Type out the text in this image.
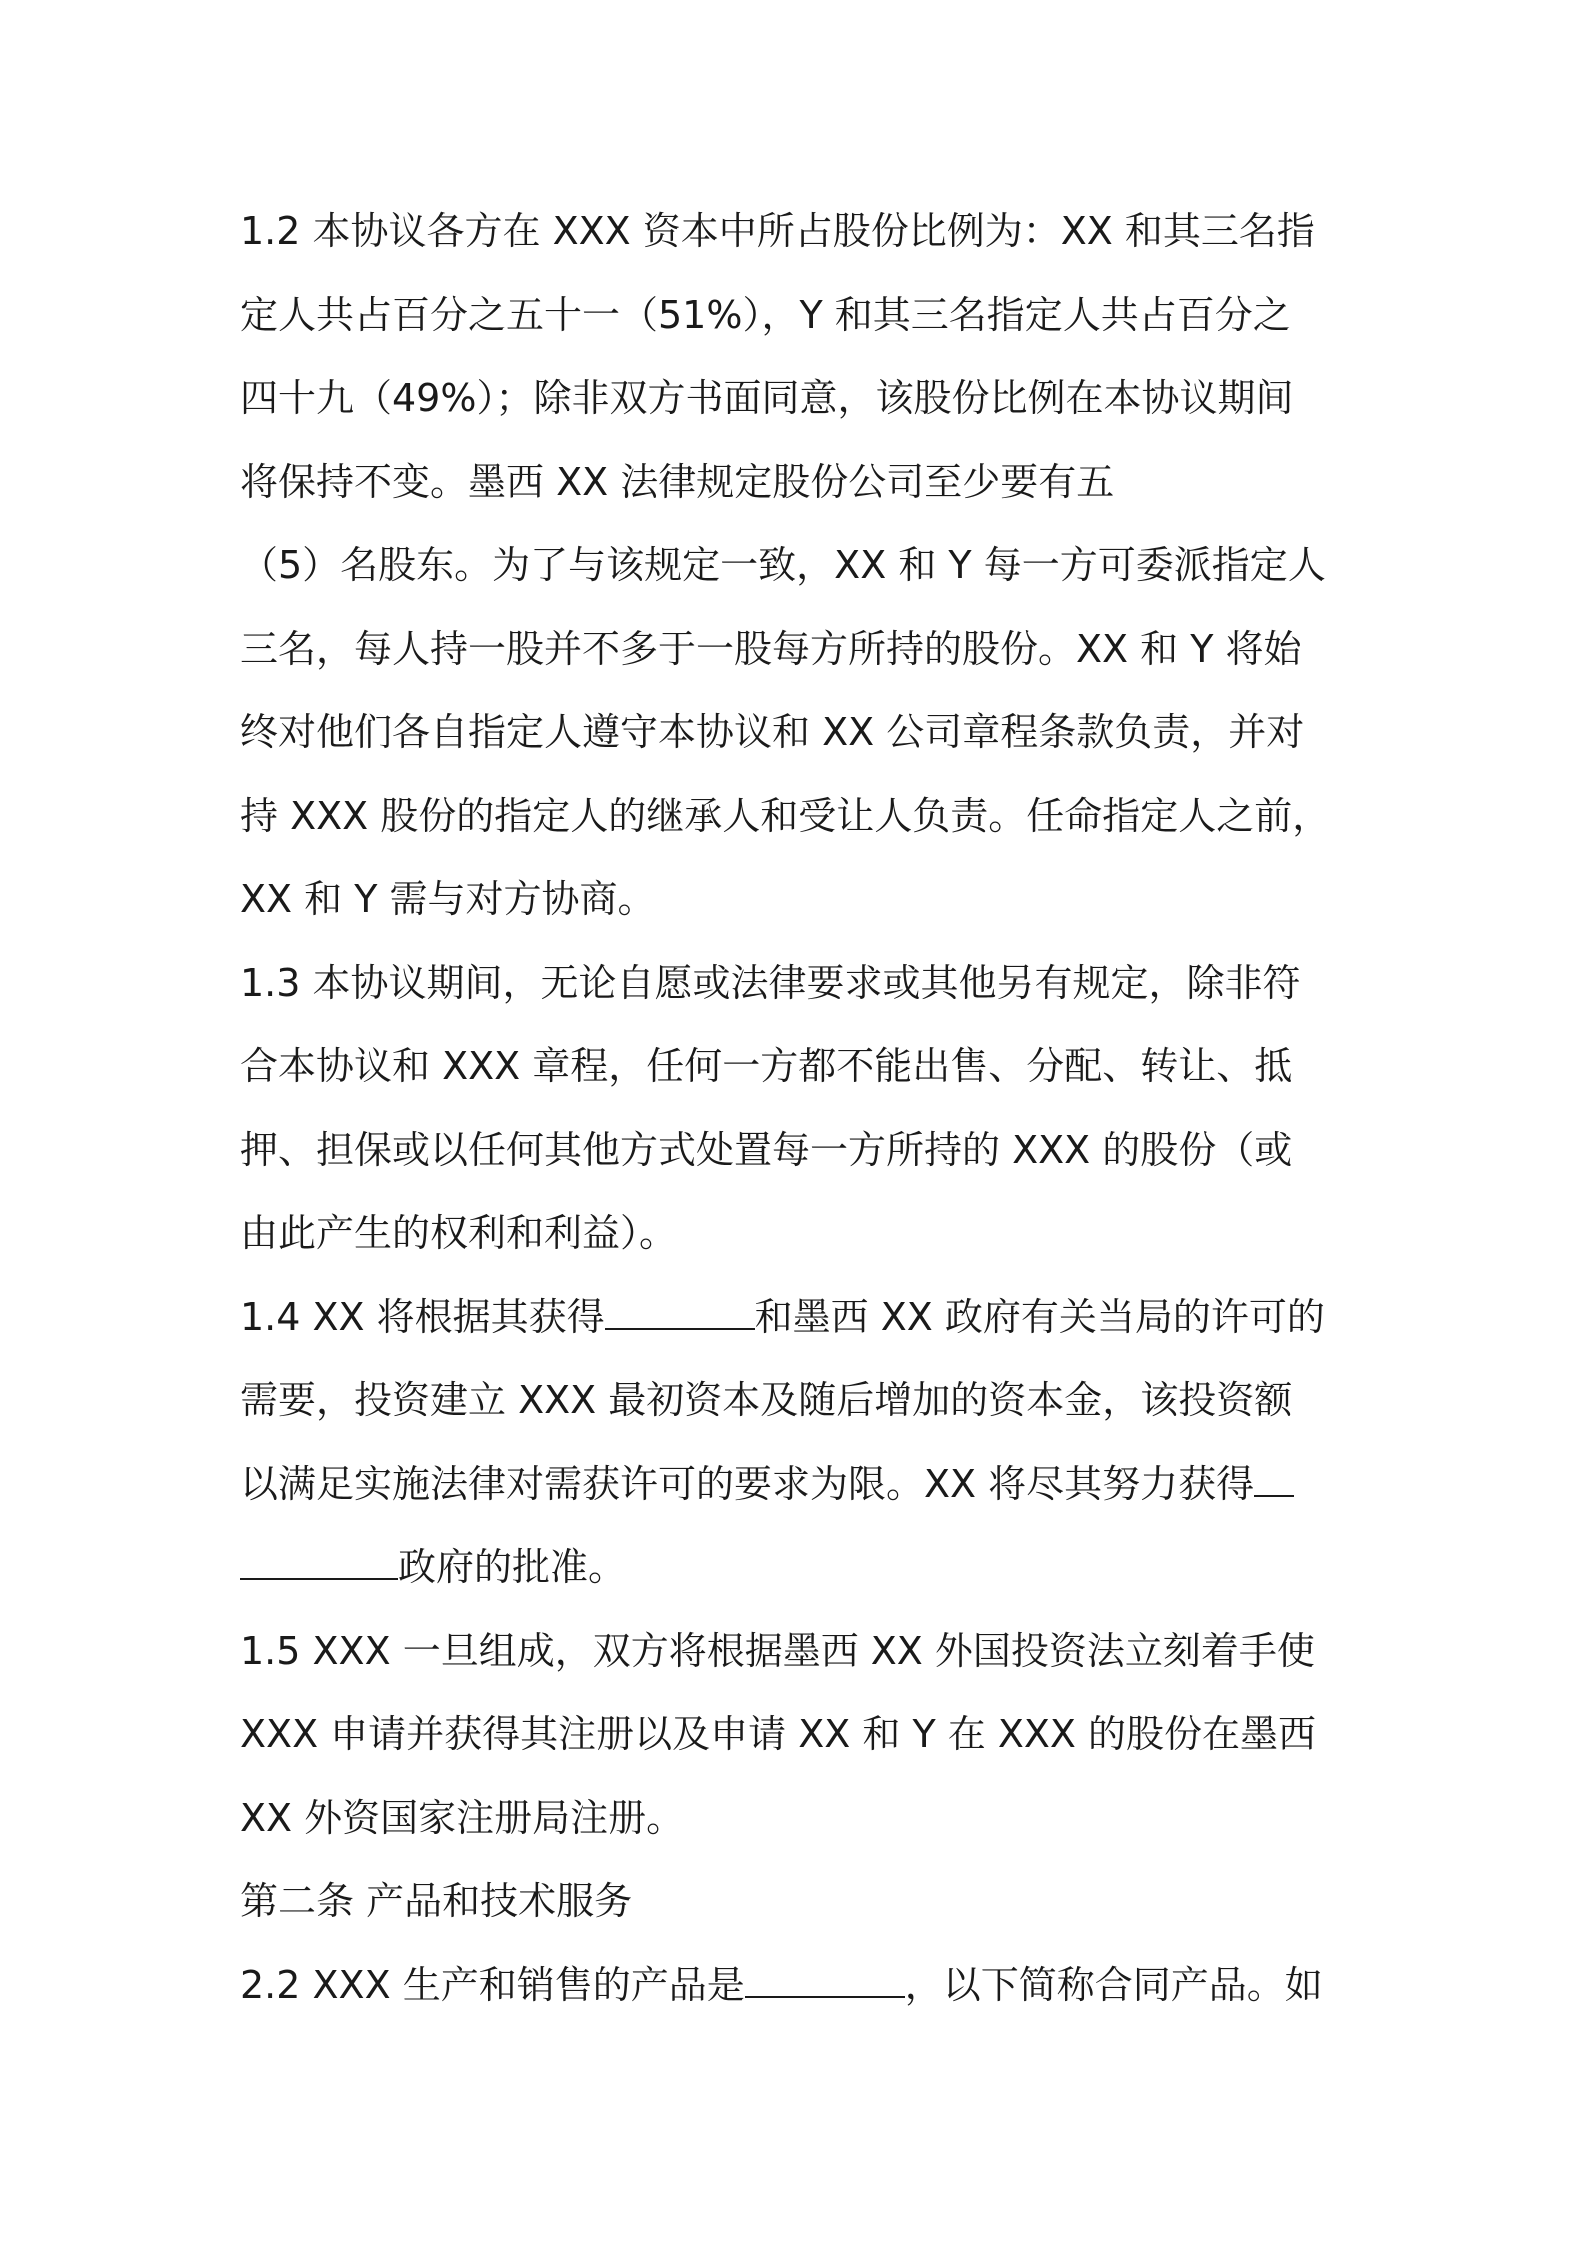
1.2 本协议各方在 XXX 资本中所占股份比例为：XX 和其三名指
定人共占百分之五十一（51%），Y 和其三名指定人共占百分之
四十九（49%）；除非双方书面同意，该股份比例在本协议期间
将保持不变。墨西 XX 法律规定股份公司至少要有五
（5）名股东。为了与该规定一致，XX 和 Y 每一方可委派指定人
三名，每人持一股并不多于一股每方所持的股份。XX 和 Y 将始
终对他们各自指定人遵守本协议和 XX 公司章程条款负责，并对
持 XXX 股份的指定人的继承人和受让人负责。任命指定人之前，
XX 和 Y 需与对方协商。
1.3 本协议期间，无论自愿或法律要求或其他另有规定，除非符
合本协议和 XXX 章程，任何一方都不能出售、分配、转让、抵
押、担保或以任何其他方式处置每一方所持的 XXX 的股份（或
由此产生的权利和利益）。
1.4 XX 将根据其获得	和墨西 XX 政府有关当局的许可的
需要，投资建立 XXX 最初资本及随后增加的资本金，该投资额
以满足实施法律对需获许可的要求为限。XX 将尽其努力获得
政府的批准。
1.5 XXX 一旦组成，双方将根据墨西 XX 外国投资法立刻着手使
XXX 申请并获得其注册以及申请 XX 和 Y 在 XXX 的股份在墨西
XX 外资国家注册局注册。
第二条 产品和技术服务
2.2 XXX 生产和销售的产品是	，以下简称合同产品。如
